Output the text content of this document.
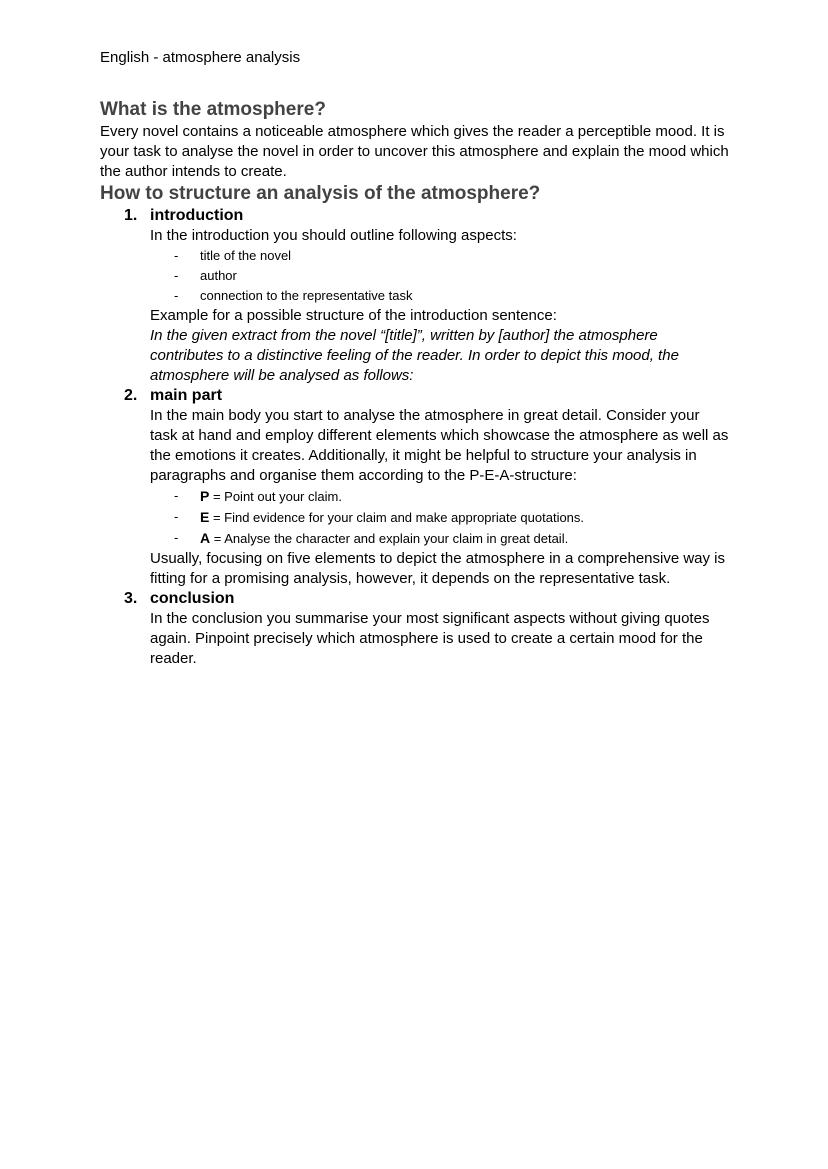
English - atmosphere analysis

What is the atmosphere?

Every novel contains a noticeable atmosphere which gives the reader a perceptible mood. It is your task to analyse the novel in order to uncover this atmosphere and explain the mood which the author intends to create.

How to structure an analysis of the atmosphere?
1. introduction

In the introduction you should outline following aspects:

- title of the novel
- author
- connection to the representative task

Example for a possible structure of the introduction sentence:

In the given extract from the novel “[title]”, written by [author] the atmosphere contributes to a distinctive feeling of the reader. In order to depict this mood, the atmosphere will be analysed as follows:

2. main part

In the main body you start to analyse the atmosphere in great detail. Consider your task at hand and employ different elements which showcase the atmosphere as well as the emotions it creates. Additionally, it might be helpful to structure your analysis in paragraphs and organise them according to the P-E-A-structure:

- P = Point out your claim.
- E = Find evidence for your claim and make appropriate quotations.
- A = Analyse the character and explain your claim in great detail.

Usually, focusing on five elements to depict the atmosphere in a comprehensive way is fitting for a promising analysis, however, it depends on the representative task.

3. conclusion

In the conclusion you summarise your most significant aspects without giving quotes again. Pinpoint precisely which atmosphere is used to create a certain mood for the reader.
